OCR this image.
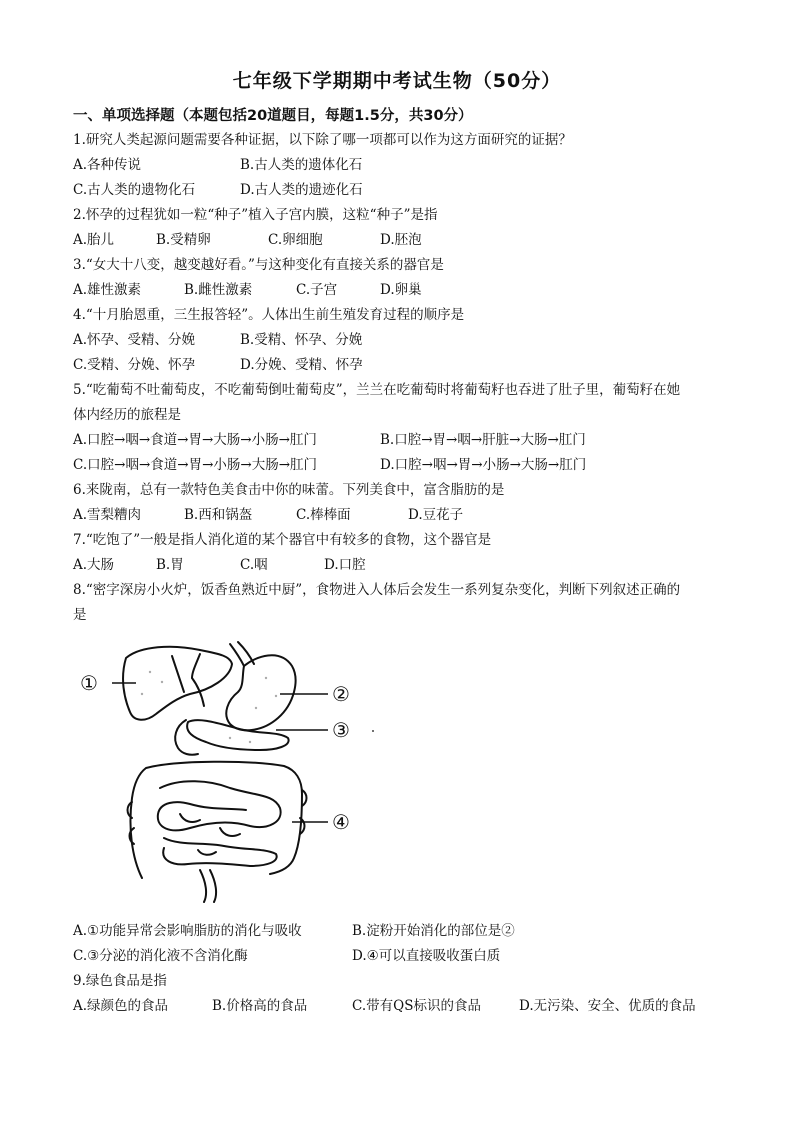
七年级下学期期中考试生物（50分）
一、单项选择题（本题包括20道题目，每题1.5分，共30分）
1.研究人类起源问题需要各种证据，以下除了哪一项都可以作为这方面研究的证据？
A.各种传说	B.古人类的遗体化石
C.古人类的遗物化石	D.古人类的遗迹化石
2.怀孕的过程犹如一粒“种子”植入子宫内膜，这粒“种子”是指
A.胎儿	B.受精卵	C.卵细胞	D.胚泡
3.“女大十八变，越变越好看。”与这种变化有直接关系的器官是
A.雄性激素	B.雌性激素	C.子宫	D.卵巢
4.“十月胎恩重，三生报答轻”。人体出生前生殖发育过程的顺序是
A.怀孕、受精、分娩	B.受精、怀孕、分娩
C.受精、分娩、怀孕	D.分娩、受精、怀孕
5.“吃葡萄不吐葡萄皮，不吃葡萄倒吐葡萄皮”，兰兰在吃葡萄时将葡萄籽也吞进了肚子里，葡萄籽在她
体内经历的旅程是
A.口腔→咽→食道→胃→大肠→小肠→肛门	B.口腔→胃→咽→肝脏→大肠→肛门
C.口腔→咽→食道→胃→小肠→大肠→肛门	D.口腔→咽→胃→小肠→大肠→肛门
6.来陇南，总有一款特色美食击中你的味蕾。下列美食中，富含脂肪的是
A.雪梨糟肉	B.西和锅盔	C.棒棒面	D.豆花子
7.“吃饱了”一般是指人消化道的某个器官中有较多的食物，这个器官是
A.大肠	B.胃	C.咽	D.口腔
8.“密字深房小火炉，饭香鱼熟近中厨”，食物进入人体后会发生一系列复杂变化，判断下列叙述正确的
是
①	②
③
④
A.①功能异常会影响脂肪的消化与吸收	B.淀粉开始消化的部位是②
C.③分泌的消化液不含消化酶	D.④可以直接吸收蛋白质
9.绿色食品是指
A.绿颜色的食品	B.价格高的食品	C.带有QS标识的食品	D.无污染、安全、优质的食品
